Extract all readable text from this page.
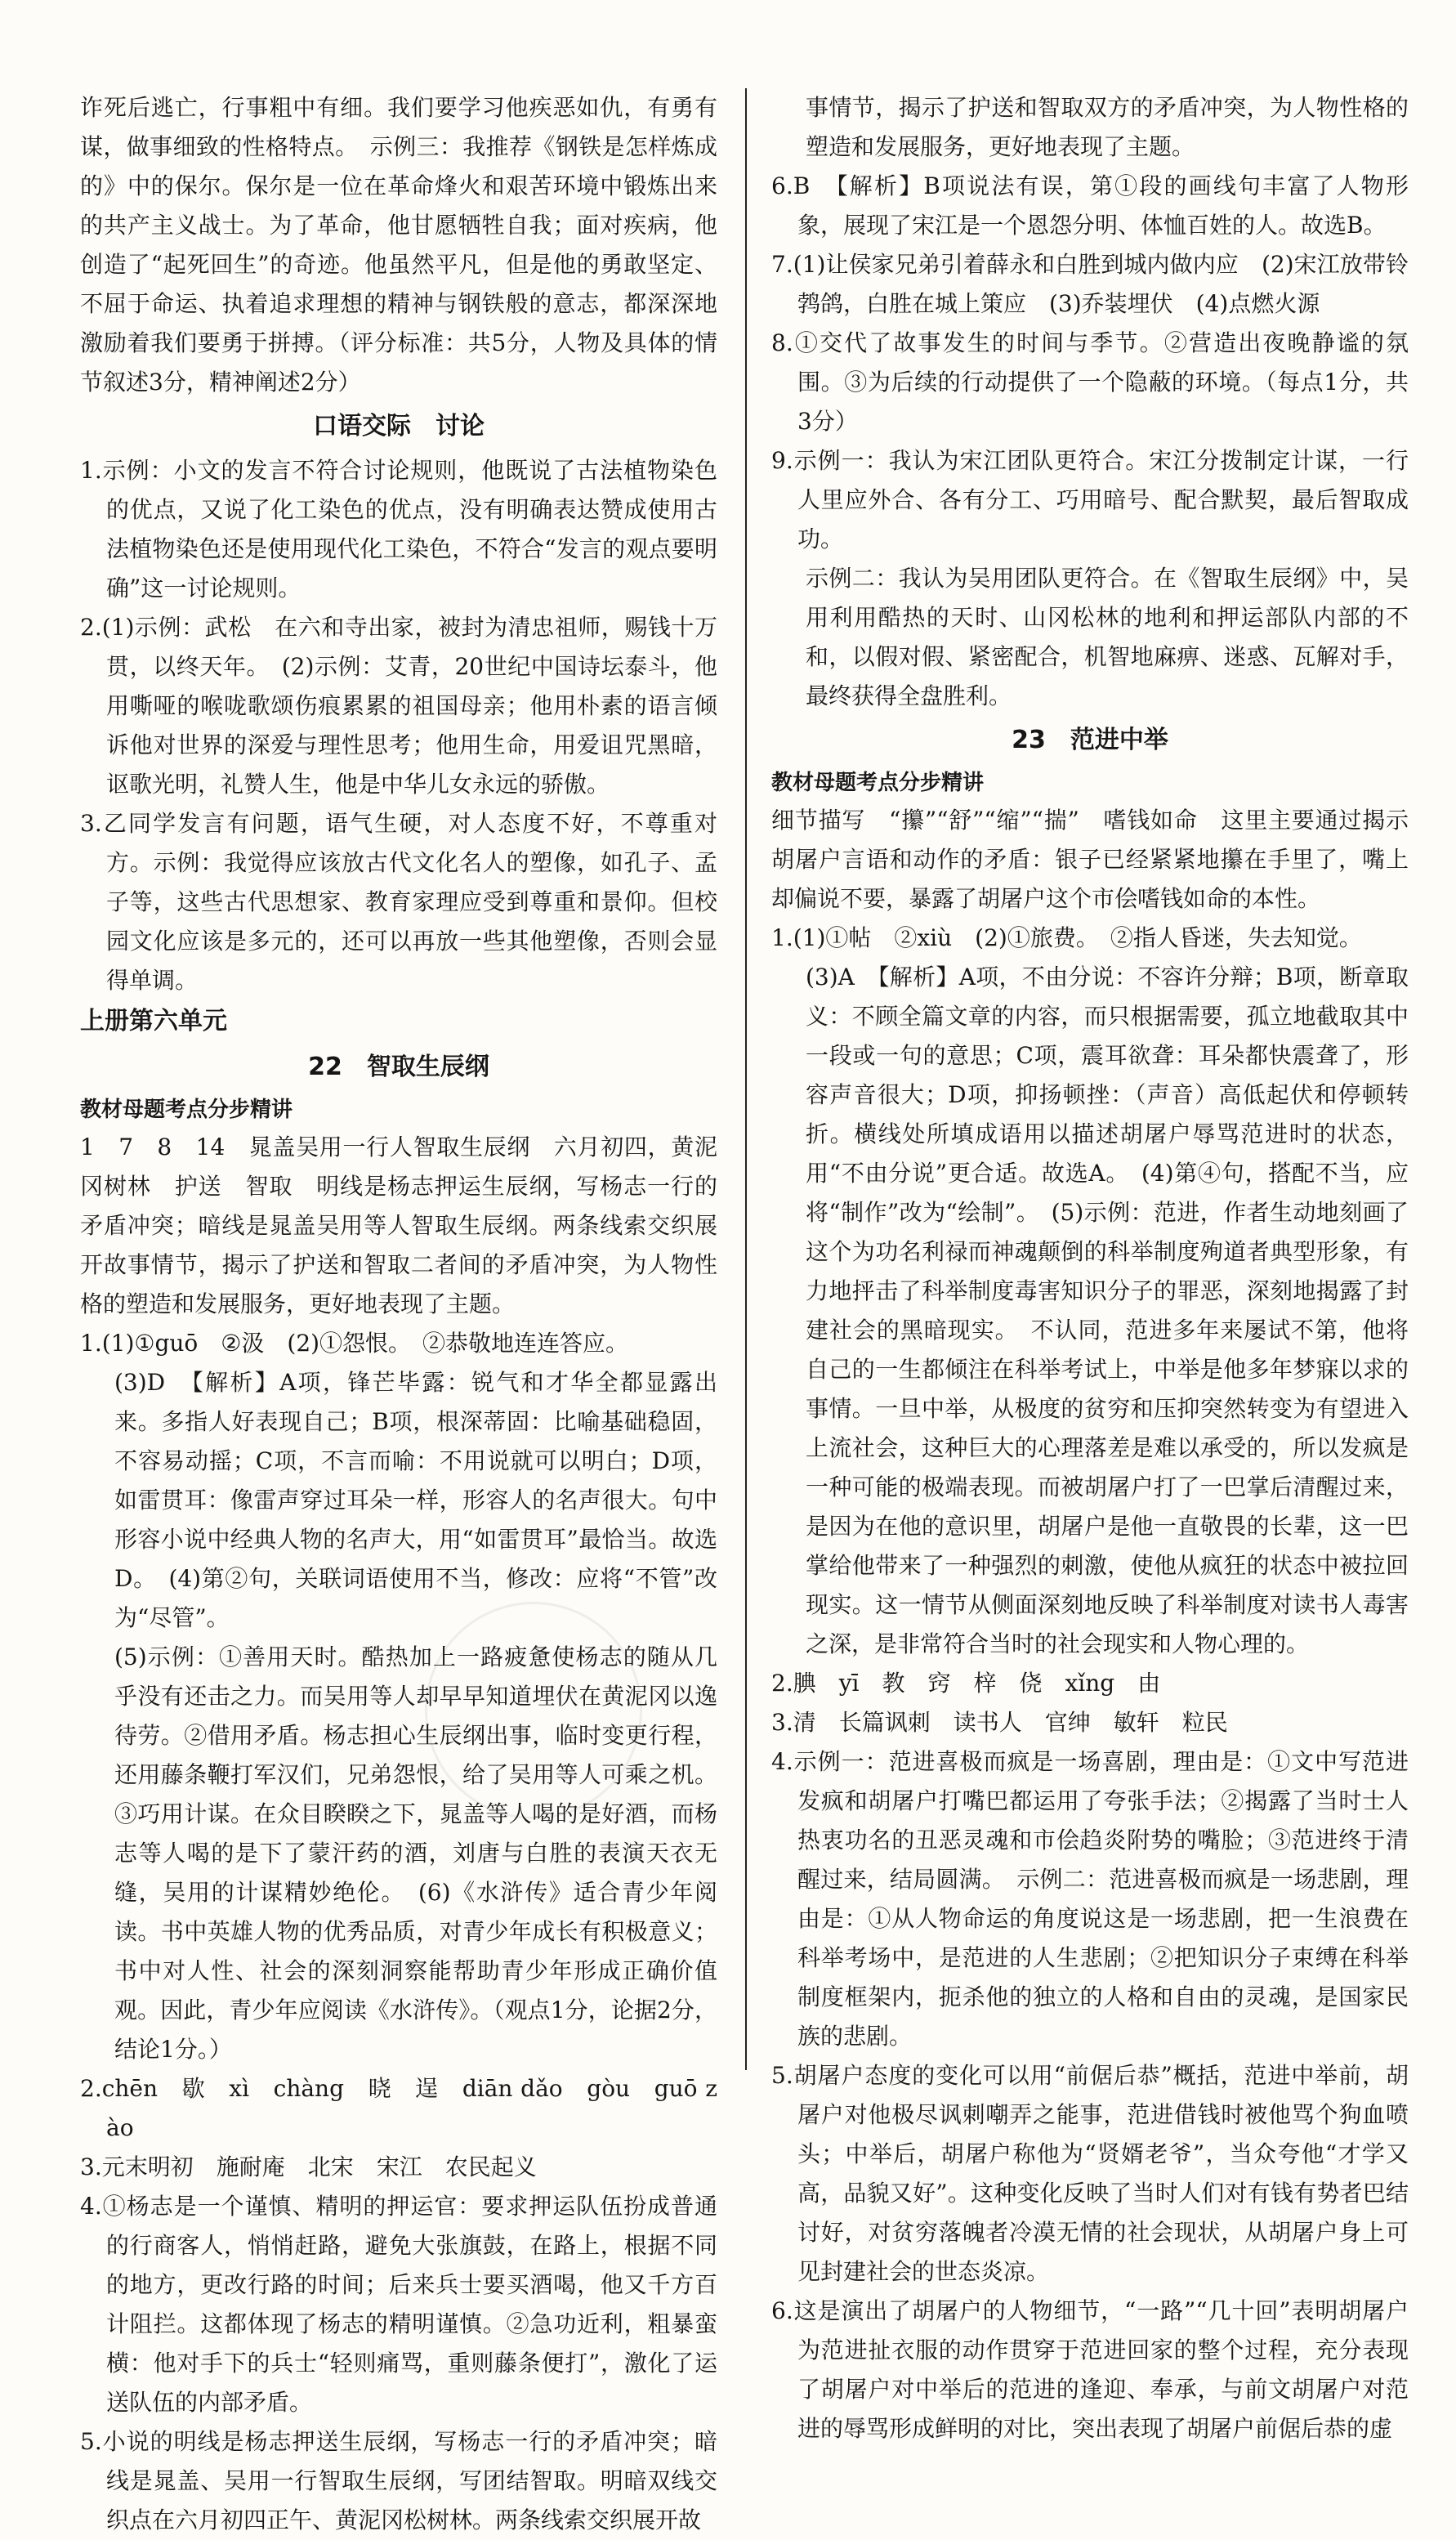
诈死后逃亡，行事粗中有细。我们要学习他疾恶如仇，有勇有谋，做事细致的性格特点。　示例三：我推荐《钢铁是怎样炼成的》中的保尔。保尔是一位在革命烽火和艰苦环境中锻炼出来的共产主义战士。为了革命，他甘愿牺牲自我；面对疾病，他创造了“起死回生”的奇迹。他虽然平凡，但是他的勇敢坚定、不屈于命运、执着追求理想的精神与钢铁般的意志，都深深地激励着我们要勇于拼搏。（评分标准：共5分，人物及具体的情节叙述3分，精神阐述2分）

口语交际　讨论

1.示例：小文的发言不符合讨论规则，他既说了古法植物染色的优点，又说了化工染色的优点，没有明确表达赞成使用古法植物染色还是使用现代化工染色，不符合“发言的观点要明确”这一讨论规则。

2.(1)示例：武松　在六和寺出家，被封为清忠祖师，赐钱十万贯，以终天年。　(2)示例：艾青，20世纪中国诗坛泰斗，他用嘶哑的喉咙歌颂伤痕累累的祖国母亲；他用朴素的语言倾诉他对世界的深爱与理性思考；他用生命，用爱诅咒黑暗，讴歌光明，礼赞人生，他是中华儿女永远的骄傲。

3.乙同学发言有问题，语气生硬，对人态度不好，不尊重对方。示例：我觉得应该放古代文化名人的塑像，如孔子、孟子等，这些古代思想家、教育家理应受到尊重和景仰。但校园文化应该是多元的，还可以再放一些其他塑像，否则会显得单调。

上册第六单元
22　智取生辰纲
教材母题考点分步精讲

1　7　8　14　晁盖吴用一行人智取生辰纲　六月初四，黄泥冈树林　护送　智取　明线是杨志押运生辰纲，写杨志一行的矛盾冲突；暗线是晁盖吴用等人智取生辰纲。两条线索交织展开故事情节，揭示了护送和智取二者间的矛盾冲突，为人物性格的塑造和发展服务，更好地表现了主题。

1.(1)①guō　②汲　(2)①怨恨。　②恭敬地连连答应。

(3)D　【解析】A项，锋芒毕露：锐气和才华全都显露出来。多指人好表现自己；B项，根深蒂固：比喻基础稳固，不容易动摇；C项，不言而喻：不用说就可以明白；D项，如雷贯耳：像雷声穿过耳朵一样，形容人的名声很大。句中形容小说中经典人物的名声大，用“如雷贯耳”最恰当。故选D。　(4)第②句，关联词语使用不当，修改：应将“不管”改为“尽管”。

(5)示例：①善用天时。酷热加上一路疲惫使杨志的随从几乎没有还击之力。而吴用等人却早早知道埋伏在黄泥冈以逸待劳。②借用矛盾。杨志担心生辰纲出事，临时变更行程，还用藤条鞭打军汉们，兄弟怨恨，给了吴用等人可乘之机。③巧用计谋。在众目睽睽之下，晁盖等人喝的是好酒，而杨志等人喝的是下了蒙汗药的酒，刘唐与白胜的表演天衣无缝，吴用的计谋精妙绝伦。　(6)《水浒传》适合青少年阅读。书中英雄人物的优秀品质，对青少年成长有积极意义；书中对人性、社会的深刻洞察能帮助青少年形成正确价值观。因此，青少年应阅读《水浒传》。（观点1分，论据2分，结论1分。）

2.chēn　歇　xì　chàng　晓　逞　diān dǎo　gòu　guō zào

3.元末明初　施耐庵　北宋　宋江　农民起义

4.①杨志是一个谨慎、精明的押运官：要求押运队伍扮成普通的行商客人，悄悄赶路，避免大张旗鼓，在路上，根据不同的地方，更改行路的时间；后来兵士要买酒喝，他又千方百计阻拦。这都体现了杨志的精明谨慎。②急功近利，粗暴蛮横：他对手下的兵士“轻则痛骂，重则藤条便打”，激化了运送队伍的内部矛盾。

5.小说的明线是杨志押送生辰纲，写杨志一行的矛盾冲突；暗线是晁盖、吴用一行智取生辰纲，写团结智取。明暗双线交织点在六月初四正午、黄泥冈松树林。两条线索交织展开故

事情节，揭示了护送和智取双方的矛盾冲突，为人物性格的塑造和发展服务，更好地表现了主题。

6.B　【解析】B项说法有误，第①段的画线句丰富了人物形象，展现了宋江是一个恩怨分明、体恤百姓的人。故选B。

7.(1)让侯家兄弟引着薛永和白胜到城内做内应　(2)宋江放带铃鹁鸽，白胜在城上策应　(3)乔装埋伏　(4)点燃火源

8.①交代了故事发生的时间与季节。②营造出夜晚静谧的氛围。③为后续的行动提供了一个隐蔽的环境。（每点1分，共3分）

9.示例一：我认为宋江团队更符合。宋江分拨制定计谋，一行人里应外合、各有分工、巧用暗号、配合默契，最后智取成功。

示例二：我认为吴用团队更符合。在《智取生辰纲》中，吴用利用酷热的天时、山冈松林的地利和押运部队内部的不和，以假对假、紧密配合，机智地麻痹、迷惑、瓦解对手，最终获得全盘胜利。

23　范进中举
教材母题考点分步精讲

细节描写　“攥”“舒”“缩”“揣”　嗜钱如命　这里主要通过揭示胡屠户言语和动作的矛盾：银子已经紧紧地攥在手里了，嘴上却偏说不要，暴露了胡屠户这个市侩嗜钱如命的本性。

1.(1)①帖　②xiù　(2)①旅费。　②指人昏迷，失去知觉。

(3)A　【解析】A项，不由分说：不容许分辩；B项，断章取义：不顾全篇文章的内容，而只根据需要，孤立地截取其中一段或一句的意思；C项，震耳欲聋：耳朵都快震聋了，形容声音很大；D项，抑扬顿挫：（声音）高低起伏和停顿转折。横线处所填成语用以描述胡屠户辱骂范进时的状态，用“不由分说”更合适。故选A。　(4)第④句，搭配不当，应将“制作”改为“绘制”。　(5)示例：范进，作者生动地刻画了这个为功名利禄而神魂颠倒的科举制度殉道者典型形象，有力地抨击了科举制度毒害知识分子的罪恶，深刻地揭露了封建社会的黑暗现实。　不认同，范进多年来屡试不第，他将自己的一生都倾注在科举考试上，中举是他多年梦寐以求的事情。一旦中举，从极度的贫穷和压抑突然转变为有望进入上流社会，这种巨大的心理落差是难以承受的，所以发疯是一种可能的极端表现。而被胡屠户打了一巴掌后清醒过来，是因为在他的意识里，胡屠户是他一直敬畏的长辈，这一巴掌给他带来了一种强烈的刺激，使他从疯狂的状态中被拉回现实。这一情节从侧面深刻地反映了科举制度对读书人毒害之深，是非常符合当时的社会现实和人物心理的。

2.腆　yī　教　窍　梓　侥　xǐng　由

3.清　长篇讽刺　读书人　官绅　敏轩　粒民

4.示例一：范进喜极而疯是一场喜剧，理由是：①文中写范进发疯和胡屠户打嘴巴都运用了夸张手法；②揭露了当时士人热衷功名的丑恶灵魂和市侩趋炎附势的嘴脸；③范进终于清醒过来，结局圆满。　示例二：范进喜极而疯是一场悲剧，理由是：①从人物命运的角度说这是一场悲剧，把一生浪费在科举考场中，是范进的人生悲剧；②把知识分子束缚在科举制度框架内，扼杀他的独立的人格和自由的灵魂，是国家民族的悲剧。

5.胡屠户态度的变化可以用“前倨后恭”概括，范进中举前，胡屠户对他极尽讽刺嘲弄之能事，范进借钱时被他骂个狗血喷头；中举后，胡屠户称他为“贤婿老爷”，当众夸他“才学又高，品貌又好”。这种变化反映了当时人们对有钱有势者巴结讨好，对贫穷落魄者冷漠无情的社会现状，从胡屠户身上可见封建社会的世态炎凉。

6.这是演出了胡屠户的人物细节，“一路”“几十回”表明胡屠户为范进扯衣服的动作贯穿于范进回家的整个过程，充分表现了胡屠户对中举后的范进的逢迎、奉承，与前文胡屠户对范进的辱骂形成鲜明的对比，突出表现了胡屠户前倨后恭的虚
